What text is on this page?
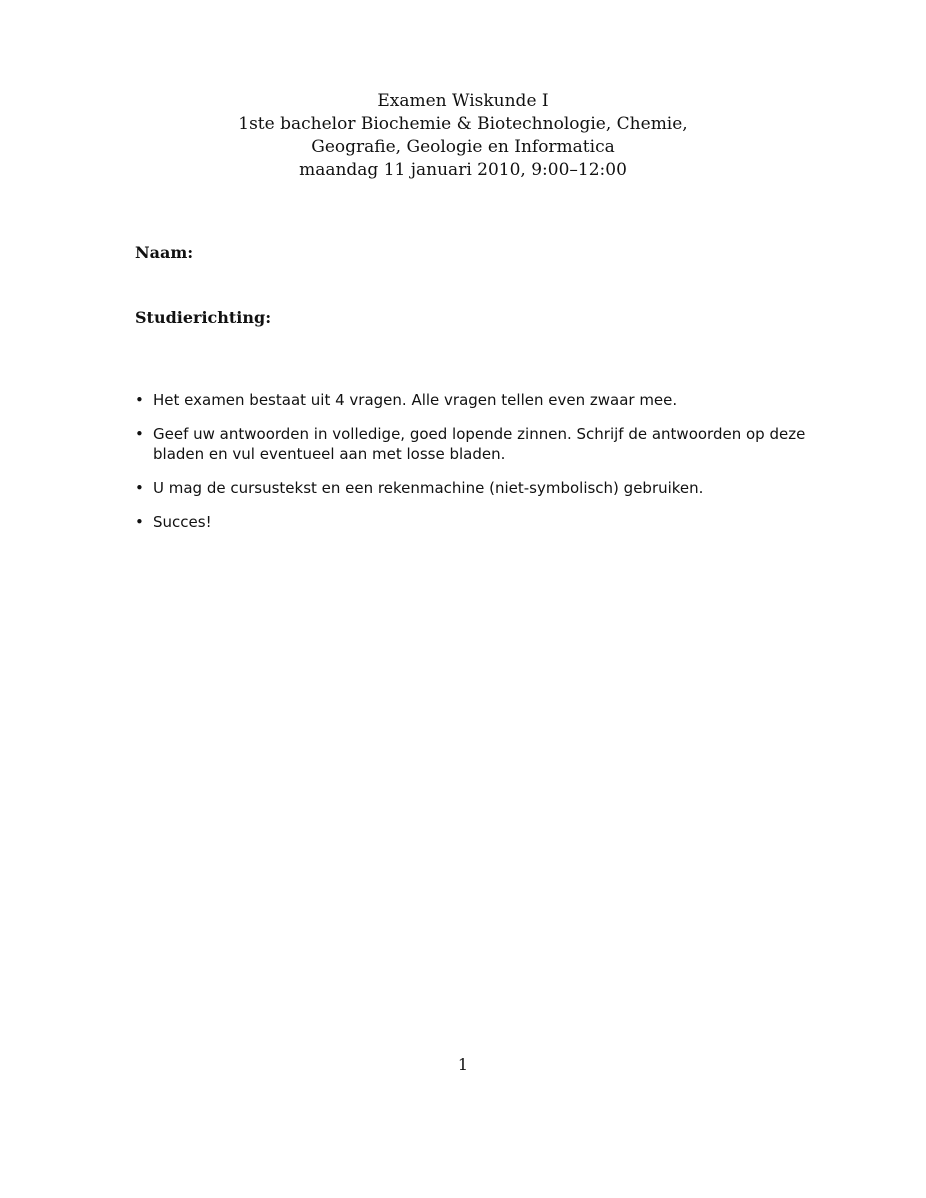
Examen Wiskunde I
1ste bachelor Biochemie & Biotechnologie, Chemie,
Geografie, Geologie en Informatica
maandag 11 januari 2010, 9:00–12:00
Naam:
Studierichting:
• Het examen bestaat uit 4 vragen. Alle vragen tellen even zwaar mee.
• Geef uw antwoorden in volledige, goed lopende zinnen. Schrijf de antwoorden op deze bladen en vul eventueel aan met losse bladen.
• U mag de cursustekst en een rekenmachine (niet-symbolisch) gebruiken.
• Succes!
1
